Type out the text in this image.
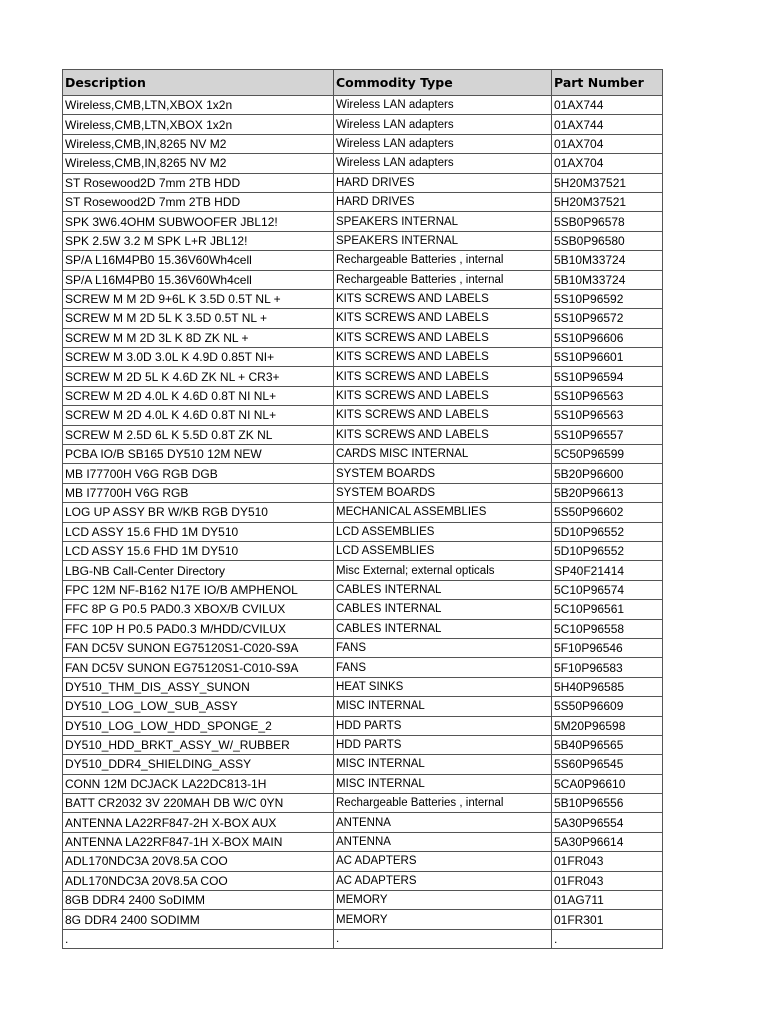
Description	Commodity Type	Part Number
Wireless,CMB,LTN,XBOX 1x2n	Wireless LAN adapters	01AX744
Wireless,CMB,LTN,XBOX 1x2n	Wireless LAN adapters	01AX744
Wireless,CMB,IN,8265 NV M2	Wireless LAN adapters	01AX704
Wireless,CMB,IN,8265 NV M2	Wireless LAN adapters	01AX704
ST Rosewood2D 7mm 2TB HDD	HARD DRIVES	5H20M37521
ST Rosewood2D 7mm 2TB HDD	HARD DRIVES	5H20M37521
SPK 3W6.4OHM SUBWOOFER JBL12!	SPEAKERS INTERNAL	5SB0P96578
SPK 2.5W 3.2 M SPK L+R JBL12!	SPEAKERS INTERNAL	5SB0P96580
SP/A L16M4PB0 15.36V60Wh4cell	Rechargeable Batteries , internal	5B10M33724
SP/A L16M4PB0 15.36V60Wh4cell	Rechargeable Batteries , internal	5B10M33724
SCREW M M 2D 9+6L K 3.5D 0.5T NL +	KITS SCREWS AND LABELS	5S10P96592
SCREW M M 2D 5L K 3.5D 0.5T NL +	KITS SCREWS AND LABELS	5S10P96572
SCREW M M 2D 3L K 8D ZK NL +	KITS SCREWS AND LABELS	5S10P96606
SCREW M 3.0D 3.0L K 4.9D 0.85T NI+	KITS SCREWS AND LABELS	5S10P96601
SCREW M 2D 5L K 4.6D ZK NL + CR3+	KITS SCREWS AND LABELS	5S10P96594
SCREW M 2D 4.0L K 4.6D 0.8T NI NL+	KITS SCREWS AND LABELS	5S10P96563
SCREW M 2D 4.0L K 4.6D 0.8T NI NL+	KITS SCREWS AND LABELS	5S10P96563
SCREW M 2.5D 6L K 5.5D 0.8T ZK NL	KITS SCREWS AND LABELS	5S10P96557
PCBA IO/B SB165 DY510 12M NEW	CARDS MISC INTERNAL	5C50P96599
MB I77700H V6G RGB DGB	SYSTEM BOARDS	5B20P96600
MB I77700H V6G RGB	SYSTEM BOARDS	5B20P96613
LOG UP ASSY BR W/KB RGB DY510	MECHANICAL ASSEMBLIES	5S50P96602
LCD ASSY 15.6 FHD 1M DY510	LCD ASSEMBLIES	5D10P96552
LCD ASSY 15.6 FHD 1M DY510	LCD ASSEMBLIES	5D10P96552
LBG-NB Call-Center Directory	Misc External; external opticals	SP40F21414
FPC 12M NF-B162 N17E IO/B AMPHENOL	CABLES INTERNAL	5C10P96574
FFC 8P G P0.5 PAD0.3 XBOX/B CVILUX	CABLES INTERNAL	5C10P96561
FFC 10P H P0.5 PAD0.3 M/HDD/CVILUX	CABLES INTERNAL	5C10P96558
FAN DC5V SUNON EG75120S1-C020-S9A	FANS	5F10P96546
FAN DC5V SUNON EG75120S1-C010-S9A	FANS	5F10P96583
DY510_THM_DIS_ASSY_SUNON	HEAT SINKS	5H40P96585
DY510_LOG_LOW_SUB_ASSY	MISC INTERNAL	5S50P96609
DY510_LOG_LOW_HDD_SPONGE_2	HDD PARTS	5M20P96598
DY510_HDD_BRKT_ASSY_W/_RUBBER	HDD PARTS	5B40P96565
DY510_DDR4_SHIELDING_ASSY	MISC INTERNAL	5S60P96545
CONN 12M DCJACK LA22DC813-1H	MISC INTERNAL	5CA0P96610
BATT CR2032 3V 220MAH DB W/C 0YN	Rechargeable Batteries , internal	5B10P96556
ANTENNA LA22RF847-2H X-BOX AUX	ANTENNA	5A30P96554
ANTENNA LA22RF847-1H X-BOX MAIN	ANTENNA	5A30P96614
ADL170NDC3A 20V8.5A COO	AC ADAPTERS	01FR043
ADL170NDC3A 20V8.5A COO	AC ADAPTERS	01FR043
8GB DDR4 2400 SoDIMM	MEMORY	01AG711
8G DDR4 2400 SODIMM	MEMORY	01FR301
.	.	.
